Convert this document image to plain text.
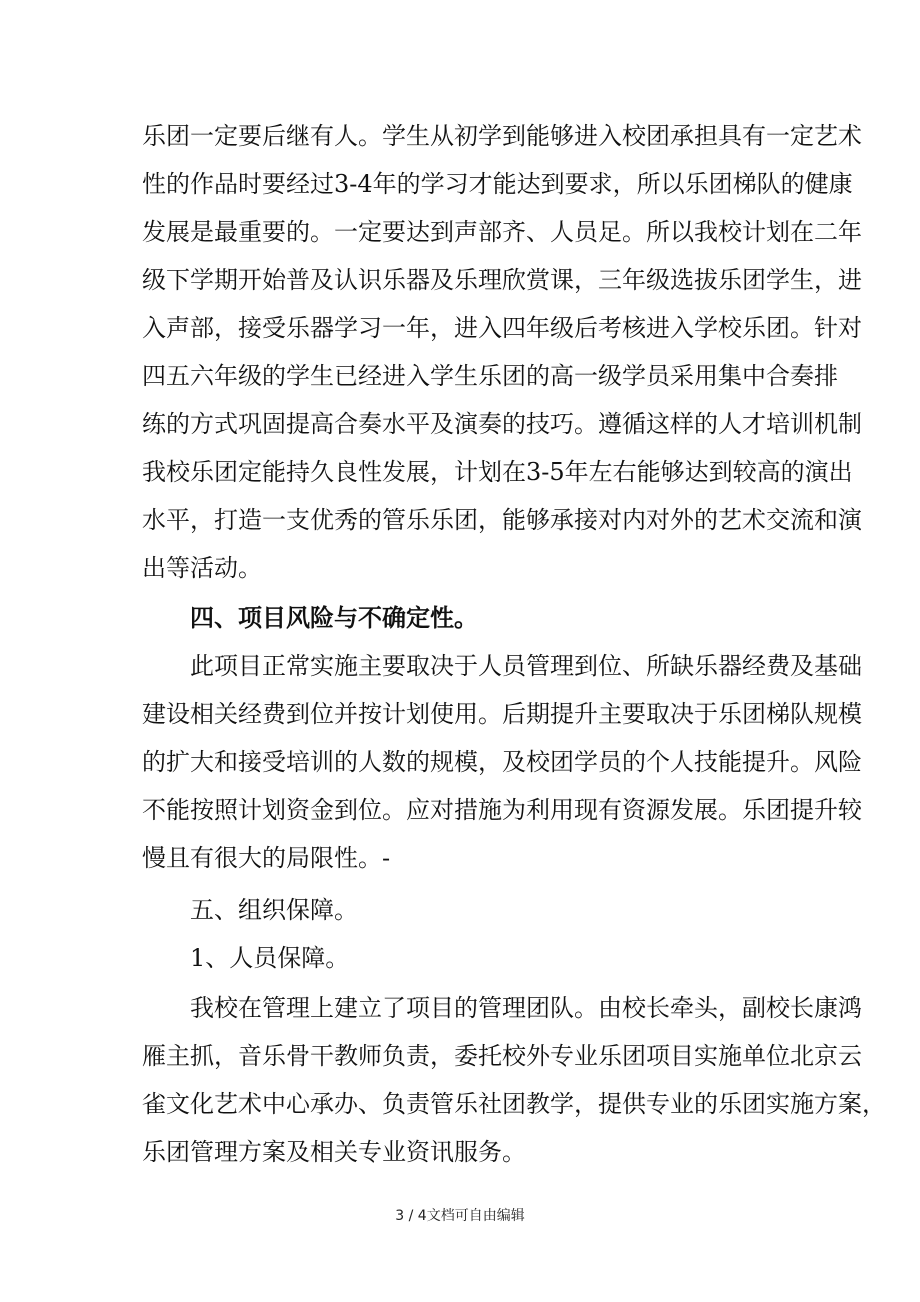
乐团一定要后继有人。学生从初学到能够进入校团承担具有一定艺术
性的作品时要经过3-4年的学习才能达到要求，所以乐团梯队的健康
发展是最重要的。一定要达到声部齐、人员足。所以我校计划在二年
级下学期开始普及认识乐器及乐理欣赏课，三年级选拔乐团学生，进
入声部，接受乐器学习一年，进入四年级后考核进入学校乐团。针对
四五六年级的学生已经进入学生乐团的高一级学员采用集中合奏排
练的方式巩固提高合奏水平及演奏的技巧。遵循这样的人才培训机制
我校乐团定能持久良性发展，计划在3-5年左右能够达到较高的演出
水平，打造一支优秀的管乐乐团，能够承接对内对外的艺术交流和演
出等活动。
四、项目风险与不确定性。
此项目正常实施主要取决于人员管理到位、所缺乐器经费及基础
建设相关经费到位并按计划使用。后期提升主要取决于乐团梯队规模
的扩大和接受培训的人数的规模，及校团学员的个人技能提升。风险
不能按照计划资金到位。应对措施为利用现有资源发展。乐团提升较
慢且有很大的局限性。-
五、组织保障。
1、人员保障。
我校在管理上建立了项目的管理团队。由校长牵头，副校长康鸿
雁主抓，音乐骨干教师负责，委托校外专业乐团项目实施单位北京云
雀文化艺术中心承办、负责管乐社团教学，提供专业的乐团实施方案，
乐团管理方案及相关专业资讯服务。
3 / 4文档可自由编辑
